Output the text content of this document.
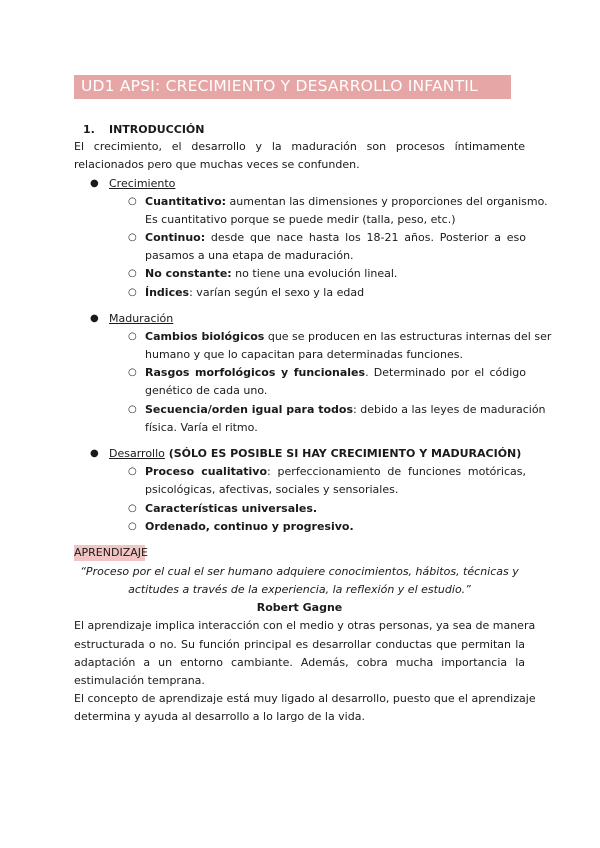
UD1 APSI: CRECIMIENTO Y DESARROLLO INFANTIL
1. INTRODUCCIÓN
El crecimiento, el desarrollo y la maduración son procesos íntimamente
relacionados pero que muchas veces se confunden.
● Crecimiento
○ Cuantitativo: aumentan las dimensiones y proporciones del organismo.
Es cuantitativo porque se puede medir (talla, peso, etc.)
○ Continuo: desde que nace hasta los 18-21 años. Posterior a eso
pasamos a una etapa de maduración.
○ No constante: no tiene una evolución lineal.
○ Índices: varían según el sexo y la edad
● Maduración
○ Cambios biológicos que se producen en las estructuras internas del ser
humano y que lo capacitan para determinadas funciones.
○ Rasgos morfológicos y funcionales. Determinado por el código
genético de cada uno.
○ Secuencia/orden igual para todos: debido a las leyes de maduración
física. Varía el ritmo.
● Desarrollo (SÓLO ES POSIBLE SI HAY CRECIMIENTO Y MADURACIÓN)
○ Proceso cualitativo: perfeccionamiento de funciones motóricas,
psicológicas, afectivas, sociales y sensoriales.
○ Características universales.
○ Ordenado, continuo y progresivo.
APRENDIZAJE
“Proceso por el cual el ser humano adquiere conocimientos, hábitos, técnicas y
actitudes a través de la experiencia, la reflexión y el estudio.”
Robert Gagne
El aprendizaje implica interacción con el medio y otras personas, ya sea de manera
estructurada o no. Su función principal es desarrollar conductas que permitan la
adaptación a un entorno cambiante. Además, cobra mucha importancia la
estimulación temprana.
El concepto de aprendizaje está muy ligado al desarrollo, puesto que el aprendizaje
determina y ayuda al desarrollo a lo largo de la vida.
